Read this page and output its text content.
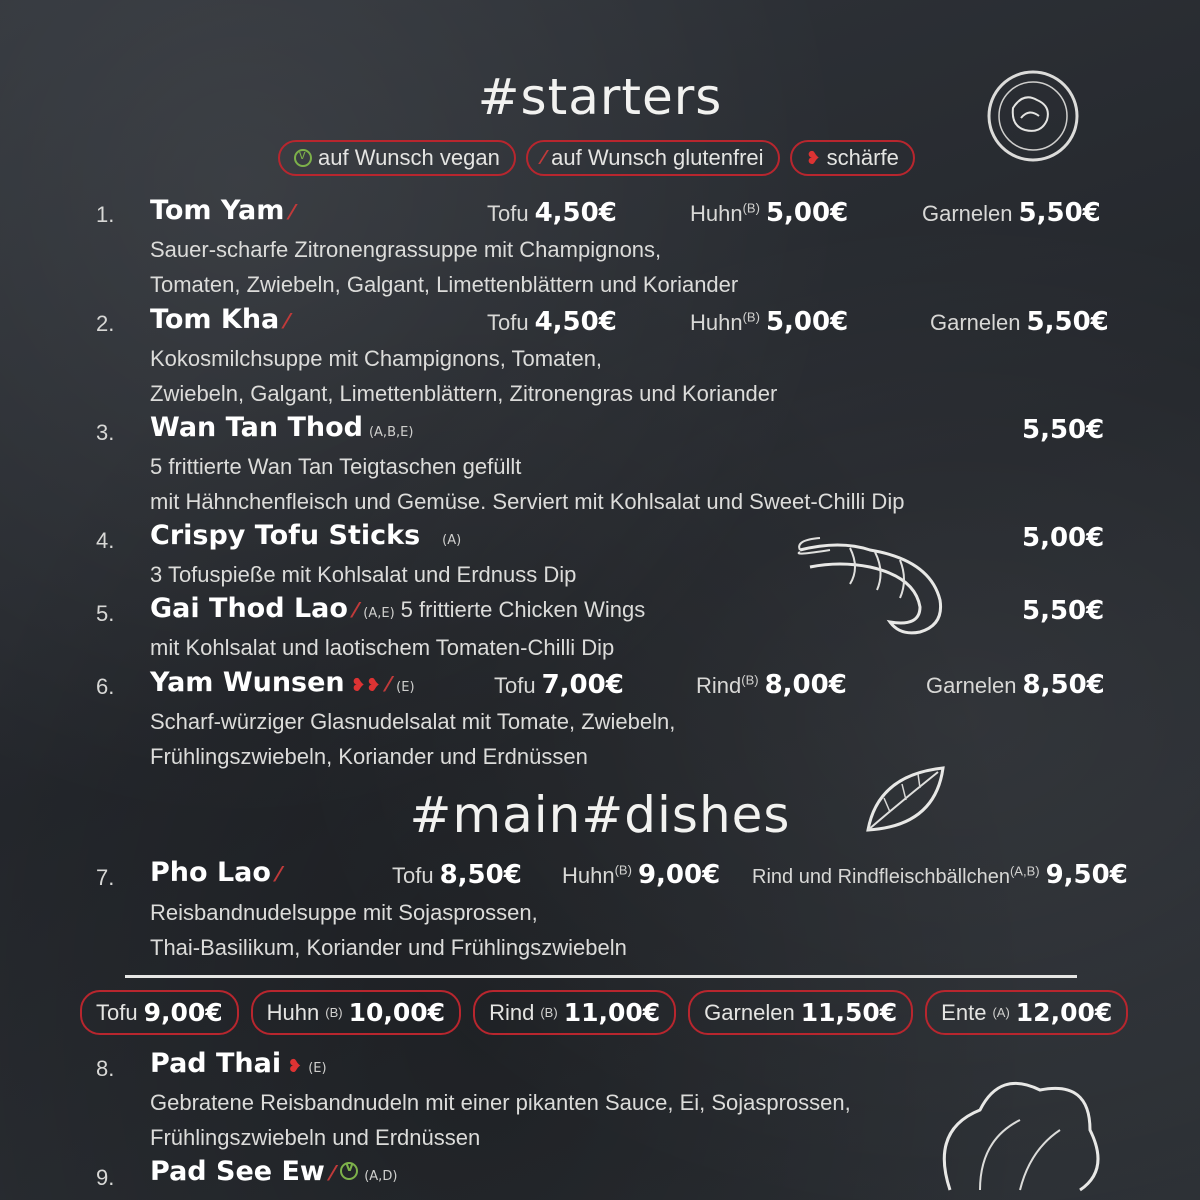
#starters
#main#dishes
v
auf Wunsch vegan ⁄ auf Wunsch glutenfrei ❥ schärfe
1. Tom Yam ⁄	Tofu 4,50€	Huhn$^{(B)}$ 5,00€	Garnelen 5,50€
Sauer-scharfe Zitronengrassuppe mit Champignons,
Tomaten, Zwiebeln, Galgant, Limettenblättern und Koriander
2. Tom Kha ⁄	Tofu 4,50€	Huhn$^{(B)}$ 5,00€	Garnelen 5,50€
Kokosmilchsuppe mit Champignons, Tomaten,
Zwiebeln, Galgant, Limettenblättern, Zitronengras und Koriander
3. Wan Tan Thod (A,B,E)	5,50€
5 frittierte Wan Tan Teigtaschen gefüllt
mit Hähnchenfleisch und Gemüse. Serviert mit Kohlsalat und Sweet-Chilli Dip
4. Crispy Tofu Sticks (A)	5,00€
3 Tofuspieße mit Kohlsalat und Erdnuss Dip
5. Gai Thod Lao ⁄ (A,E) 5 frittierte Chicken Wings	5,50€
mit Kohlsalat und laotischem Tomaten-Chilli Dip
6. Yam Wunsen ❥❥ ⁄ (E)	Tofu 7,00€	Rind$^{(B)}$ 8,00€	Garnelen 8,50€
Scharf-würziger Glasnudelsalat mit Tomate, Zwiebeln,
Frühlingszwiebeln, Koriander und Erdnüssen
7. Pho Lao ⁄	Tofu 8,50€ Huhn$^{(B)}$ 9,00€ Rind und Rindfleischbällchen$^{(A,B)}$ 9,50€
Reisbandnudelsuppe mit Sojasprossen,
Thai-Basilikum, Koriander und Frühlingszwiebeln
Tofu 9,00€ Huhn (B) 10,00€ Rind (B) 11,00€ Garnelen 11,50€ Ente (A) 12,00€
8. Pad Thai ❥ (E)
Gebratene Reisbandnudeln mit einer pikanten Sauce, Ei, Sojasprossen,
Frühlingszwiebeln und Erdnüssen
9. Pad See Ew ⁄
v (A,D)
